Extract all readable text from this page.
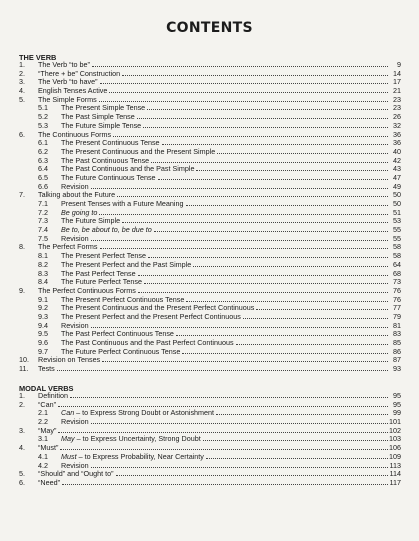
CONTENTS
THE VERB
1. The Verb “to be”	9
2. “There + be” Construction	14
3. The Verb “to have”	17
4. English Tenses Active	21
5. The Simple Forms	23
5.1 The Present Simple Tense	23
5.2 The Past Simple Tense	26
5.3 The Future Simple Tense	32
6. The Continuous Forms	36
6.1 The Present Continuous Tense	36
6.2 The Present Continuous and the Present Simple	40
6.3 The Past Continuous Tense	42
6.4 The Past Continuous and the Past Simple	43
6.5 The Future Continuous Tense	47
6.6 Revision	49
7. Talking about the Future	50
7.1 Present Tenses with a Future Meaning	50
7.2 Be going to	51
7.3 The Future Simple	53
7.4 Be to, be about to, be due to	55
7.5 Revision	55
8. The Perfect Forms	58
8.1 The Present Perfect Tense	58
8.2 The Present Perfect and the Past Simple	64
8.3 The Past Perfect Tense	68
8.4 The Future Perfect Tense	73
9. The Perfect Continuous Forms	76
9.1 The Present Perfect Continuous Tense	76
9.2 The Present Continuous and the Present Perfect Continuous	77
9.3 The Present Perfect and the Present Perfect Continuous	79
9.4 Revision	81
9.5 The Past Perfect Continuous Tense	83
9.6 The Past Continuous and the Past Perfect Continuous	85
9.7 The Future Perfect Continuous Tense	86
10. Revision on Tenses	87
11. Tests	93
MODAL VERBS
1. Definition	95
2. “Can”	95
2.1 Can – to Express Strong Doubt or Astonishment	99
2.2 Revision	101
3. “May”	102
3.1 May – to Express Uncertainty, Strong Doubt	103
4. “Must”	106
4.1 Must – to Express Probability, Near Certainty	109
4.2 Revision	113
5. “Should” and “Ought to”	114
6. “Need”	117
